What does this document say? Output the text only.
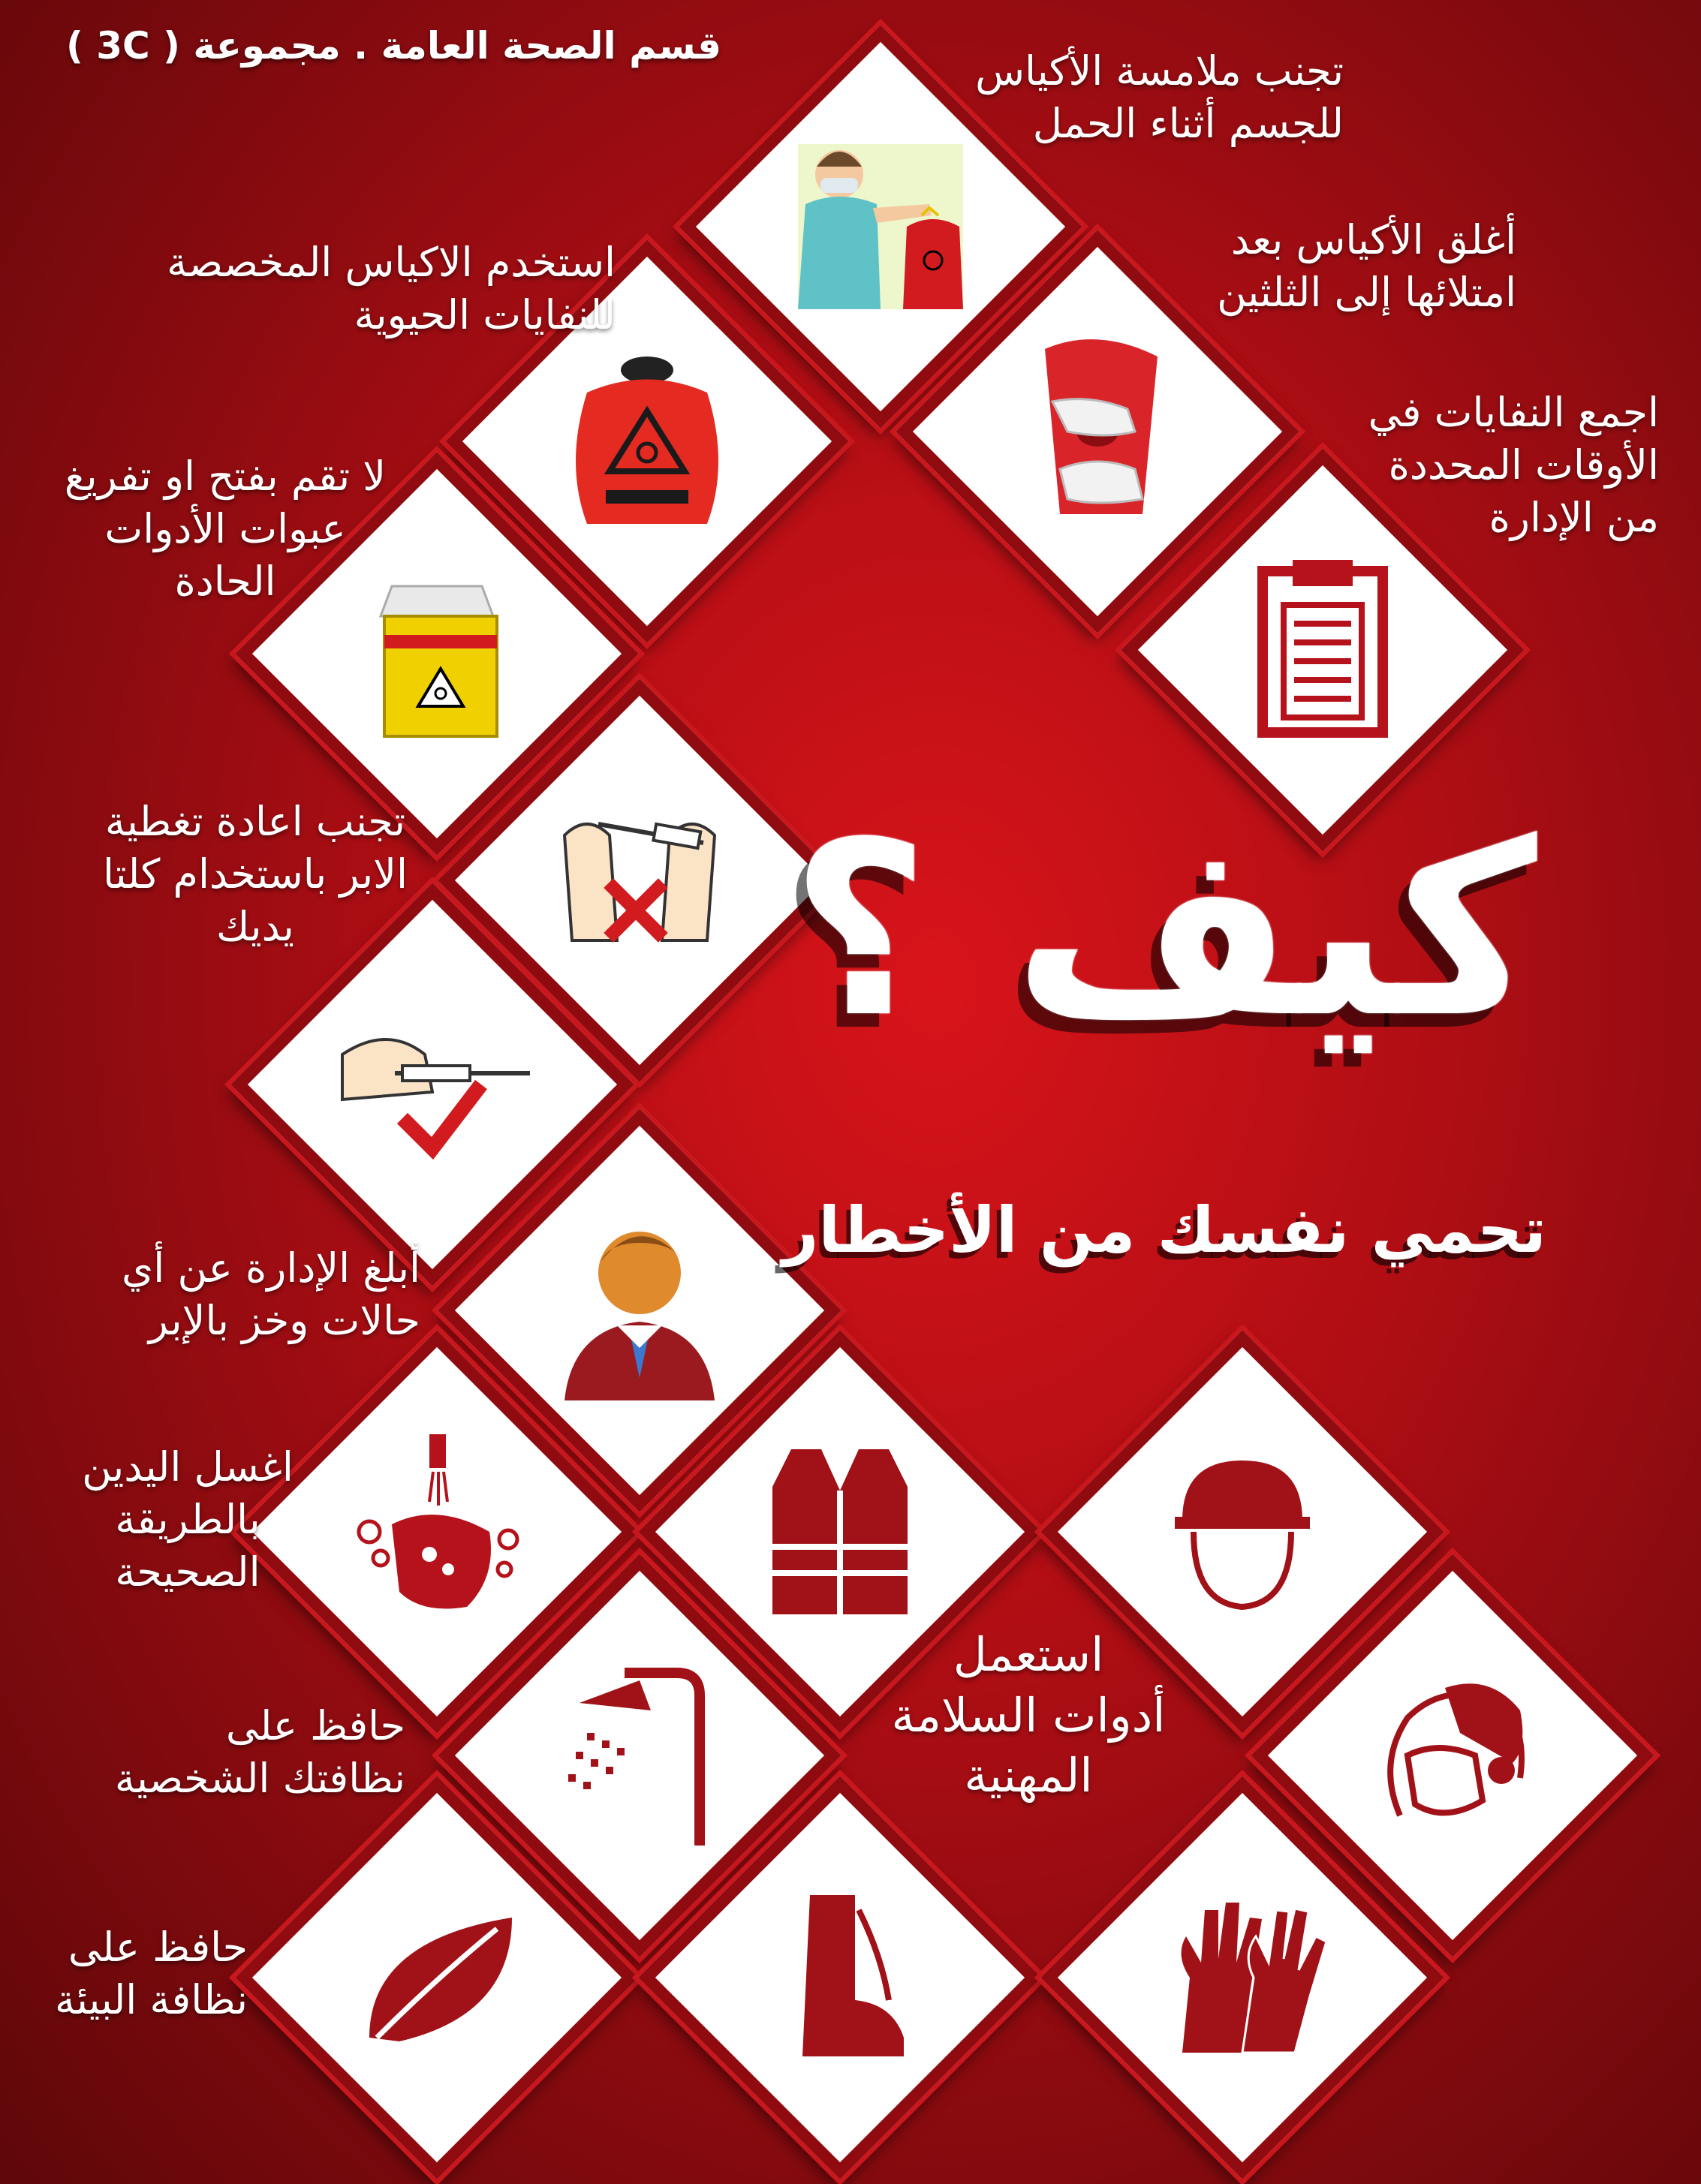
قسم الصحة العامة . مجموعة ( 3C )
كيف ؟
تحمي نفسك من الأخطار
تجنب ملامسة الأكياس
للجسم أثناء الحمل
أغلق الأكياس بعد
امتلائها إلى الثلثين
اجمع النفايات في
الأوقات المحددة
من الإدارة
استخدم الاكياس المخصصة
للنفايات الحيوية
لا تقم بفتح او تفريغ
عبوات الأدوات
الحادة
تجنب اعادة تغطية
الابر باستخدام كلتا
يديك
أبلغ الإدارة عن أي
حالات وخز بالإبر
اغسل اليدين
بالطريقة
الصحيحة
حافظ على
نظافتك الشخصية
حافظ على
نظافة البيئة
استعمل
أدوات السلامة
المهنية
